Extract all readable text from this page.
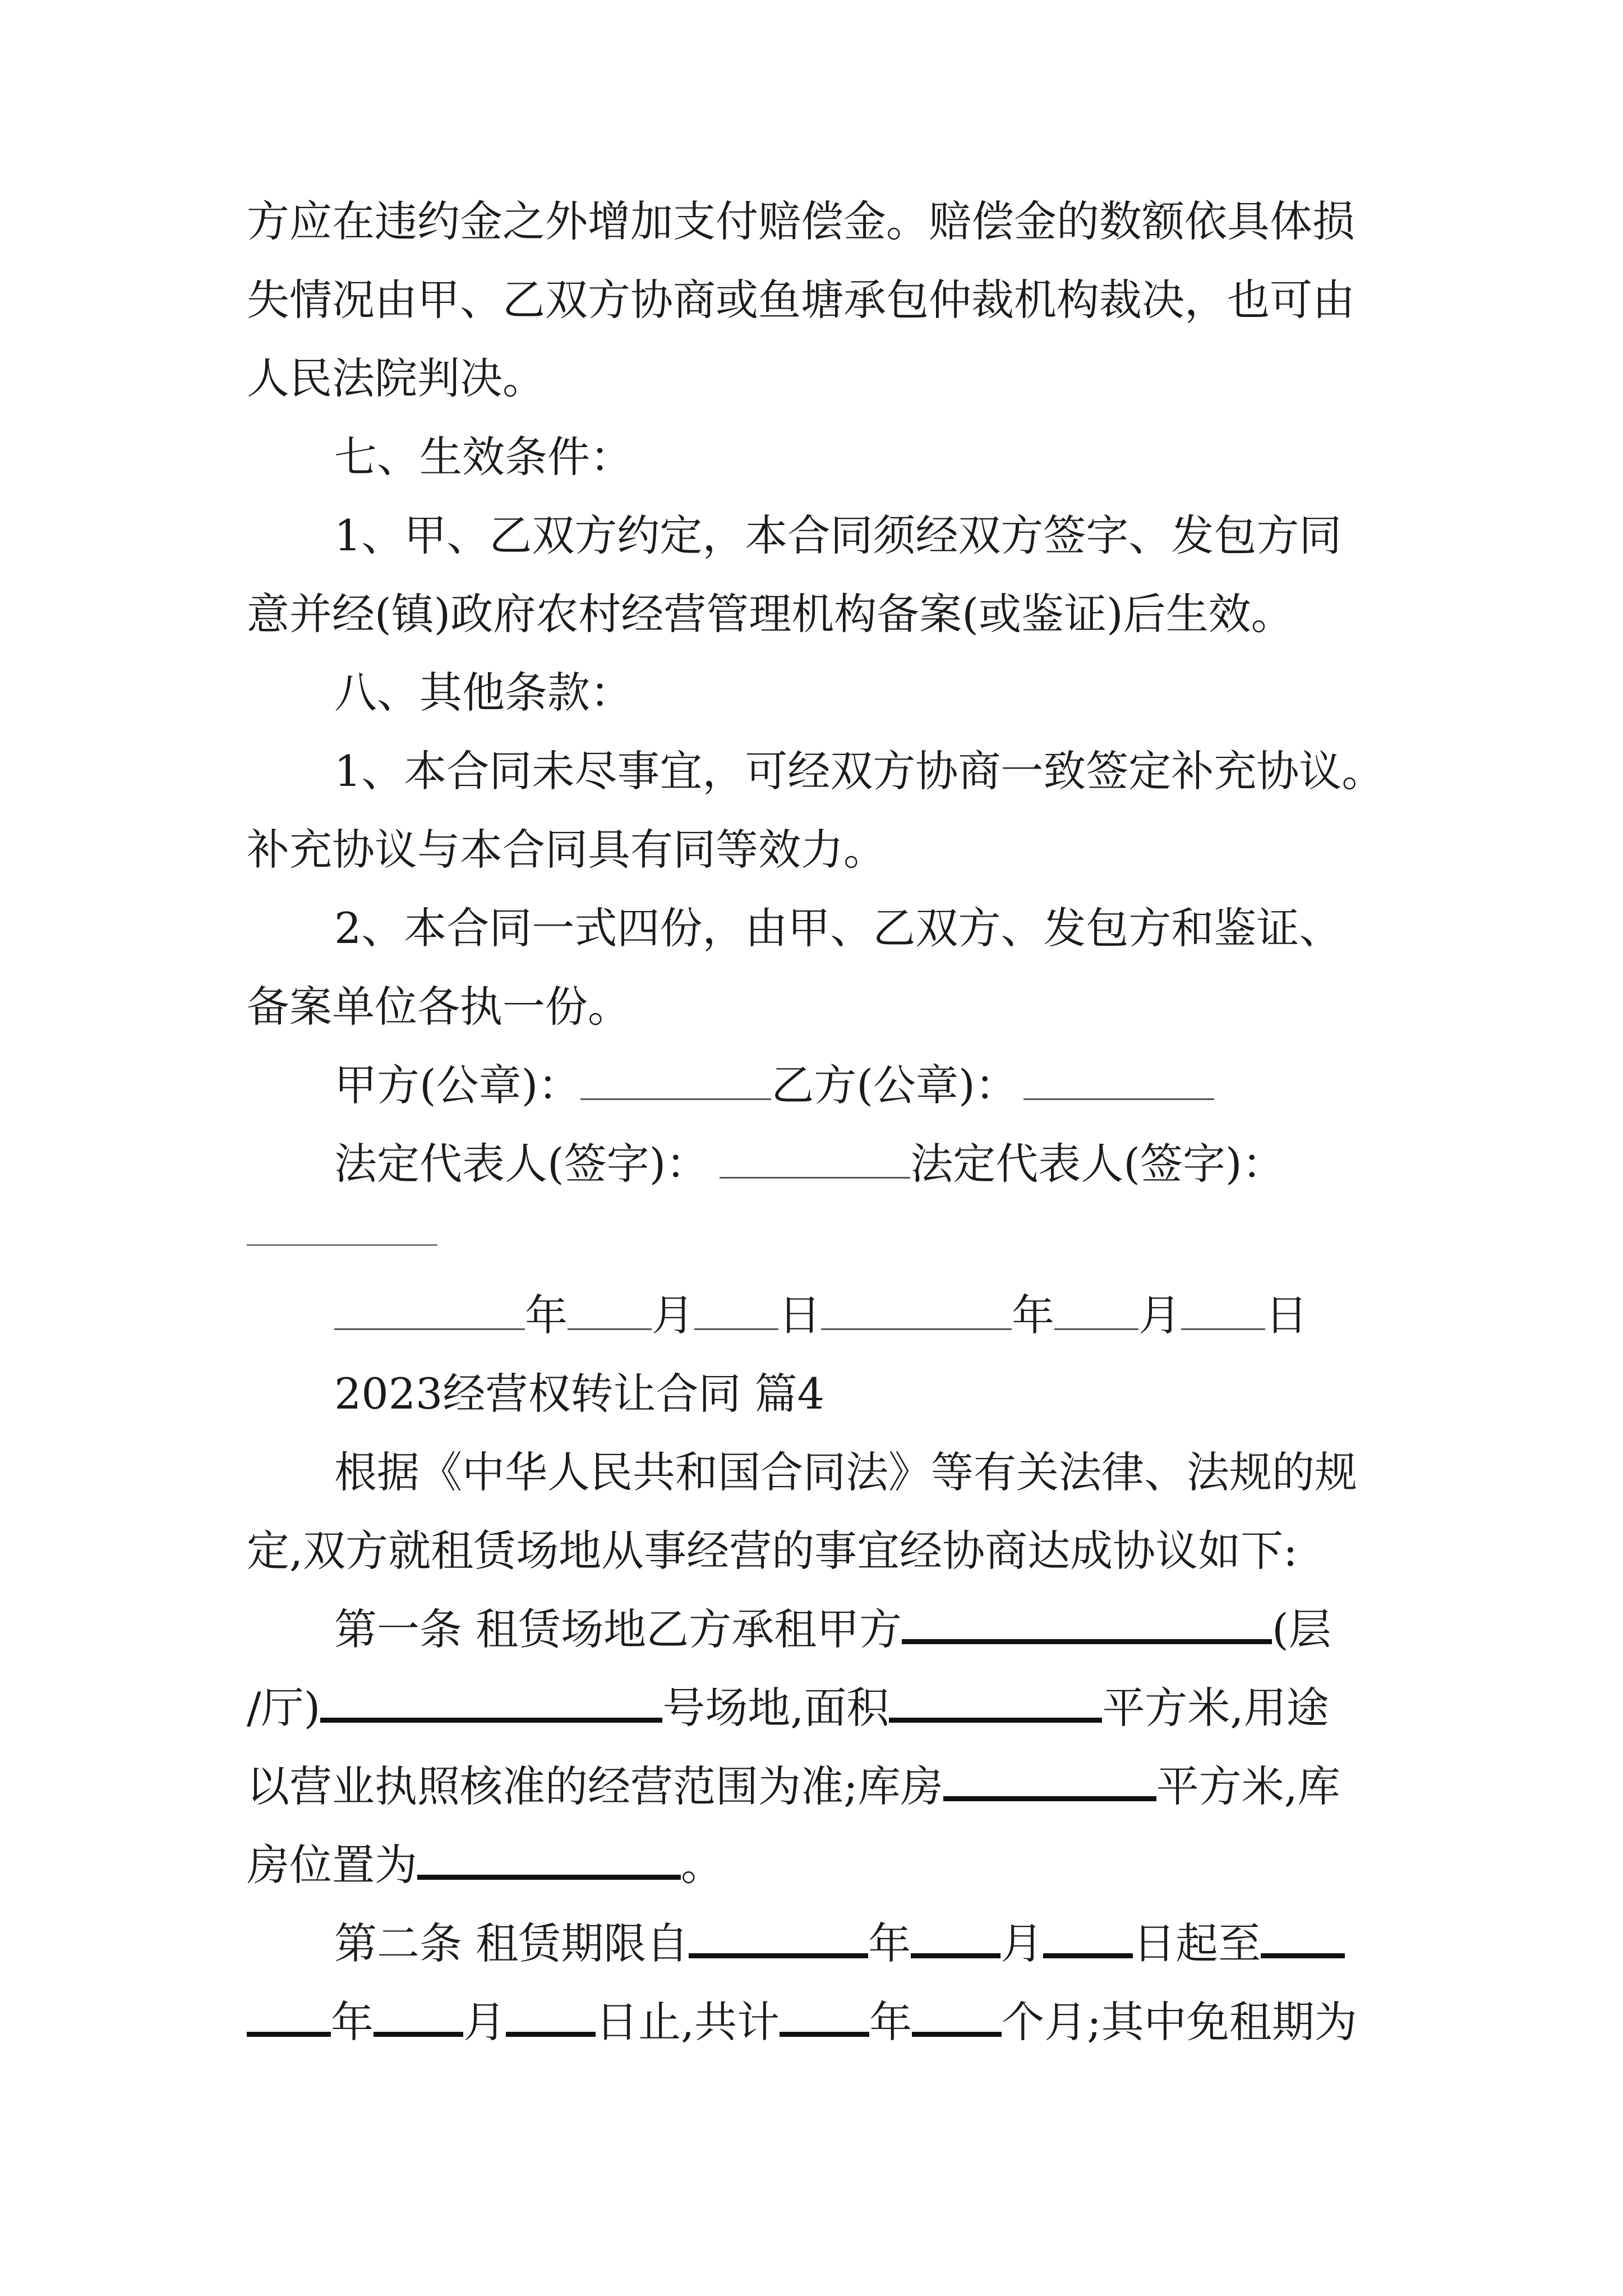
方应在违约金之外增加支付赔偿金。赔偿金的数额依具体损
失情况由甲、乙双方协商或鱼塘承包仲裁机构裁决，也可由
人民法院判决。
七、生效条件：
1、甲、乙双方约定，本合同须经双方签字、发包方同
意并经(镇)政府农村经营管理机构备案(或鉴证)后生效。
八、其他条款：
1、本合同未尽事宜，可经双方协商一致签定补充协议。
补充协议与本合同具有同等效力。
2、本合同一式四份，由甲、乙双方、发包方和鉴证、
备案单位各执一份。
甲方(公章)：	乙方(公章)：
法定代表人(签字)：	法定代表人(签字)：
年 月 日	年 月 日
2023经营权转让合同 篇4
根据《中华人民共和国合同法》等有关法律、法规的规
定,双方就租赁场地从事经营的事宜经协商达成协议如下:
第一条 租赁场地乙方承租甲方	(层
/厅)	号场地,面积	平方米,用途
以营业执照核准的经营范围为准;库房	平方米,库
房位置为	。
第二条 租赁期限自	年 月 日起至
年 月 日止,共计 年 个月;其中免租期为
